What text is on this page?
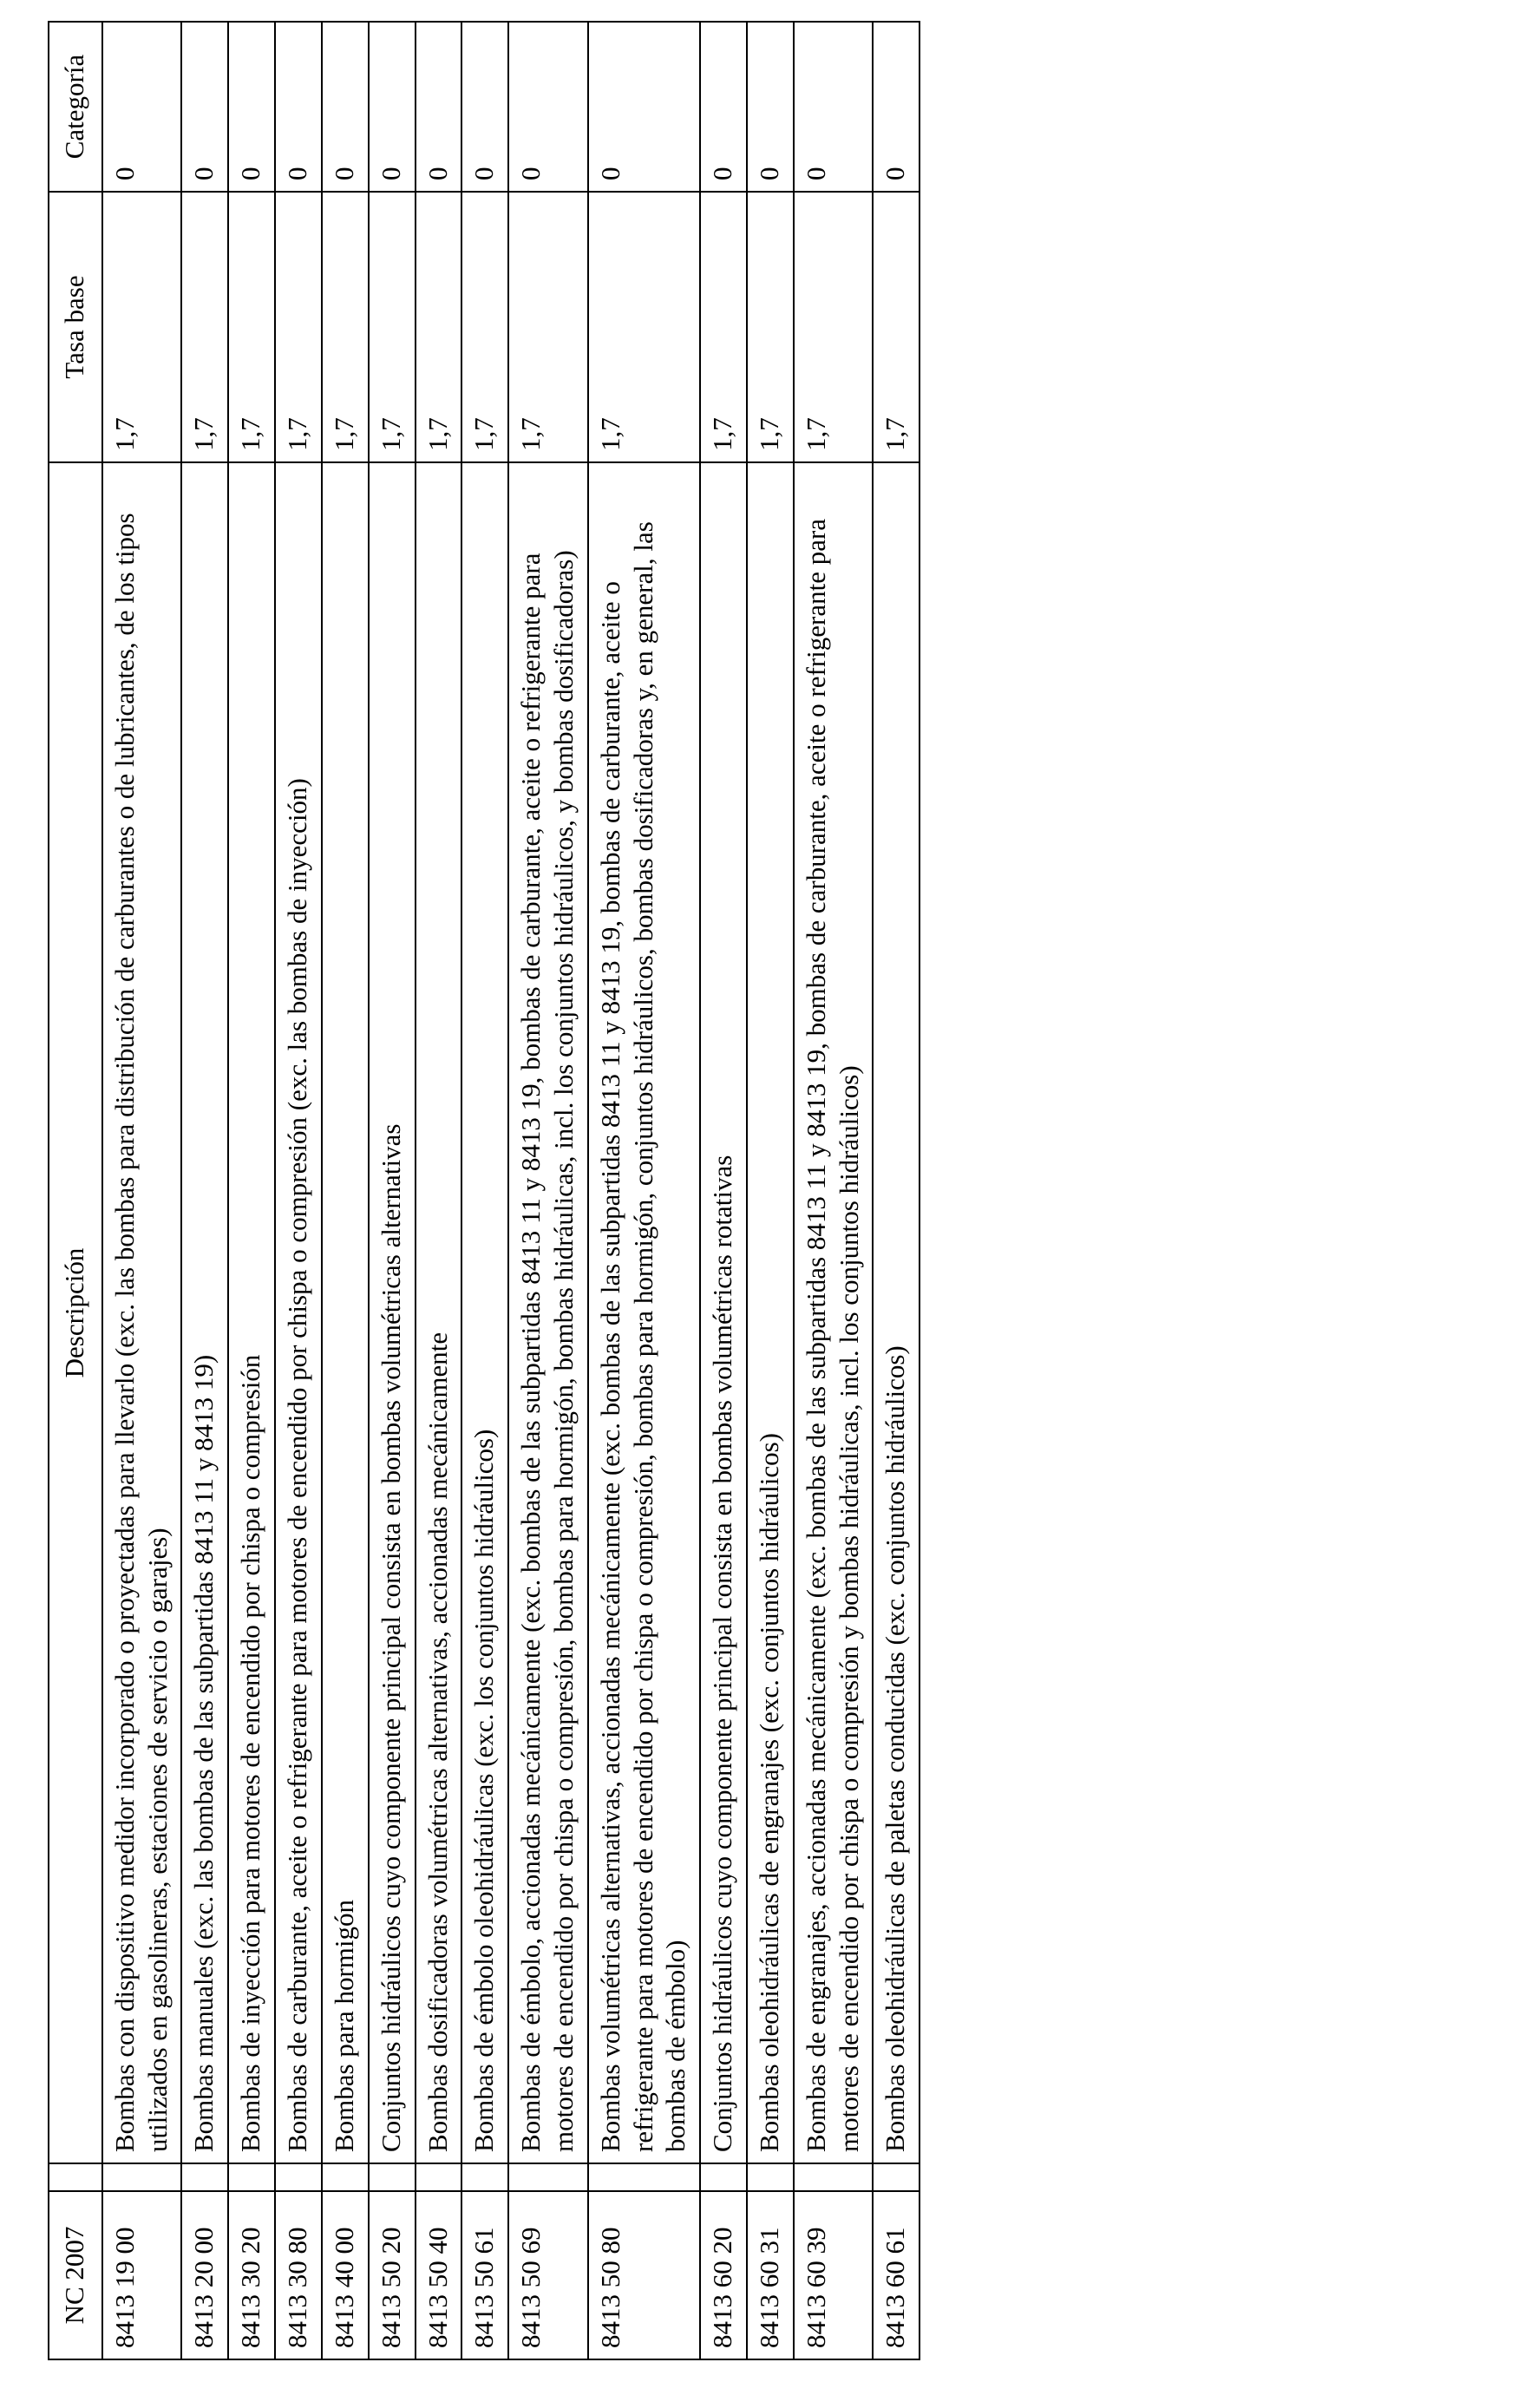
NC 2007		Descripción	Tasa base	Categoría
8413 19 00		Bombas con dispositivo medidor incorporado o proyectadas para llevarlo (exc. las bombas para distribución de carburantes o de lubricantes, de los tipos utilizados en gasolineras, estaciones de servicio o garajes)	1,7	0
8413 20 00		Bombas manuales (exc. las bombas de las subpartidas 8413 11 y 8413 19)	1,7	0
8413 30 20		Bombas de inyección para motores de encendido por chispa o compresión	1,7	0
8413 30 80		Bombas de carburante, aceite o refrigerante para motores de encendido por chispa o compresión (exc. las bombas de inyección)	1,7	0
8413 40 00		Bombas para hormigón	1,7	0
8413 50 20		Conjuntos hidráulicos cuyo componente principal consista en bombas volumétricas alternativas	1,7	0
8413 50 40		Bombas dosificadoras volumétricas alternativas, accionadas mecánicamente	1,7	0
8413 50 61		Bombas de émbolo oleohidráulicas (exc. los conjuntos hidráulicos)	1,7	0
8413 50 69		Bombas de émbolo, accionadas mecánicamente (exc. bombas de las subpartidas 8413 11 y 8413 19, bombas de carburante, aceite o refrigerante para motores de encendido por chispa o compresión, bombas para hormigón, bombas hidráulicas, incl. los conjuntos hidráulicos, y bombas dosificadoras)	1,7	0
8413 50 80		Bombas volumétricas alternativas, accionadas mecánicamente (exc. bombas de las subpartidas 8413 11 y 8413 19, bombas de carburante, aceite o refrigerante para motores de encendido por chispa o compresión, bombas para hormigón, conjuntos hidráulicos, bombas dosificadoras y, en general, las bombas de émbolo)	1,7	0
8413 60 20		Conjuntos hidráulicos cuyo componente principal consista en bombas volumétricas rotativas	1,7	0
8413 60 31		Bombas oleohidráulicas de engranajes (exc. conjuntos hidráulicos)	1,7	0
8413 60 39		Bombas de engranajes, accionadas mecánicamente (exc. bombas de las subpartidas 8413 11 y 8413 19, bombas de carburante, aceite o refrigerante para motores de encendido por chispa o compresión y bombas hidráulicas, incl. los conjuntos hidráulicos)	1,7	0
8413 60 61		Bombas oleohidráulicas de paletas conducidas (exc. conjuntos hidráulicos)	1,7	0
